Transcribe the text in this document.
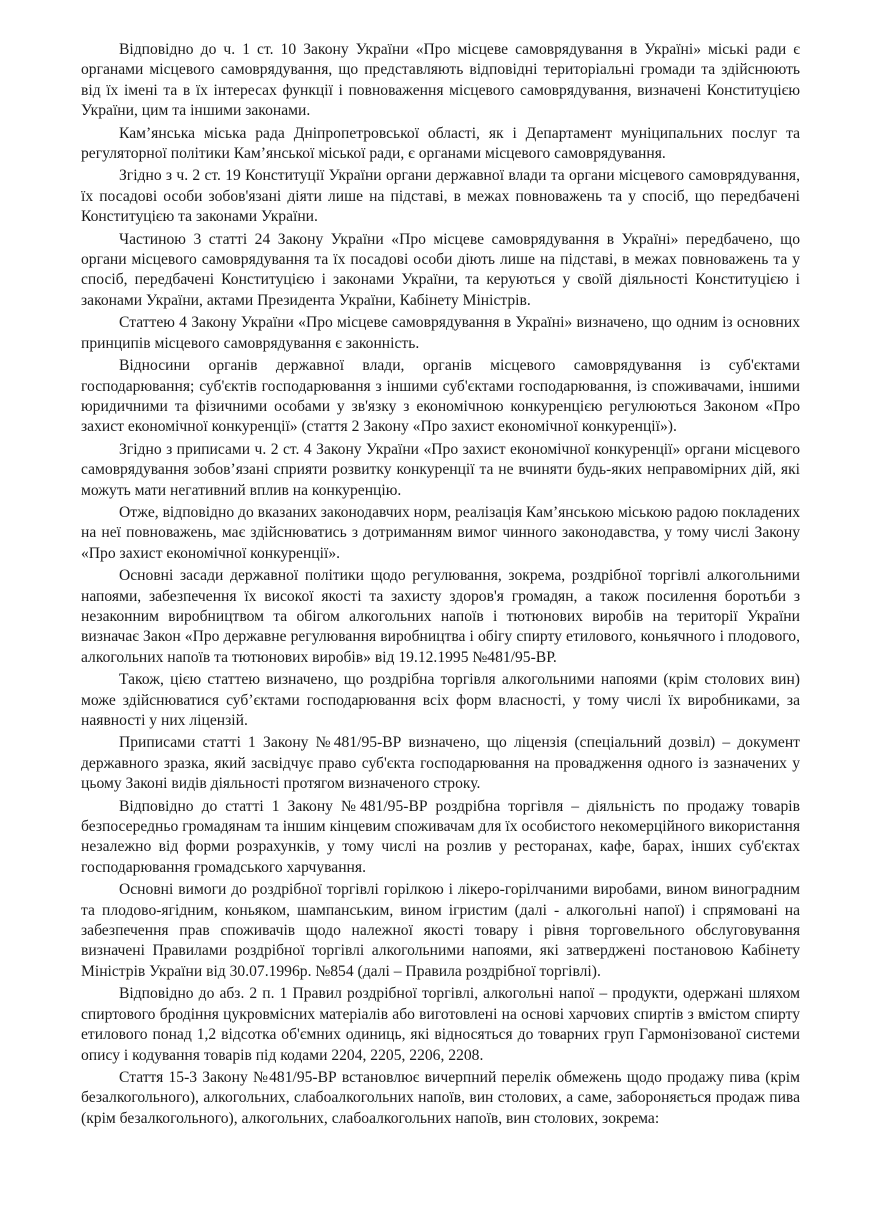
Відповідно до ч. 1 ст. 10 Закону України «Про місцеве самоврядування в Україні» міські ради є органами місцевого самоврядування, що представляють відповідні територіальні громади та здійснюють від їх імені та в їх інтересах функції і повноваження місцевого самоврядування, визначені Конституцією України, цим та іншими законами.

Кам’янська міська рада Дніпропетровської області, як і Департамент муніципальних послуг та регуляторної політики Кам’янської міської ради, є органами місцевого самоврядування.

Згідно з ч. 2 ст. 19 Конституції України органи державної влади та органи місцевого самоврядування, їх посадові особи зобов'язані діяти лише на підставі, в межах повноважень та у спосіб, що передбачені Конституцією та законами України.

Частиною 3 статті 24 Закону України «Про місцеве самоврядування в Україні» передбачено, що органи місцевого самоврядування та їх посадові особи діють лише на підставі, в межах повноважень та у спосіб, передбачені Конституцією і законами України, та керуються у своїй діяльності Конституцією і законами України, актами Президента України, Кабінету Міністрів.

Статтею 4 Закону України «Про місцеве самоврядування в Україні» визначено, що одним із основних принципів місцевого самоврядування є законність.

Відносини органів державної влади, органів місцевого самоврядування із суб'єктами господарювання; суб'єктів господарювання з іншими суб'єктами господарювання, із споживачами, іншими юридичними та фізичними особами у зв'язку з економічною конкуренцією регулюються Законом «Про захист економічної конкуренції» (стаття 2 Закону «Про захист економічної конкуренції»).

Згідно з приписами ч. 2 ст. 4 Закону України «Про захист економічної конкуренції» органи місцевого самоврядування зобов’язані сприяти розвитку конкуренції та не вчиняти будь-яких неправомірних дій, які можуть мати негативний вплив на конкуренцію.

Отже, відповідно до вказаних законодавчих норм, реалізація Кам’янською міською радою покладених на неї повноважень, має здійснюватись з дотриманням вимог чинного законодавства, у тому числі Закону «Про захист економічної конкуренції».

Основні засади державної політики щодо регулювання, зокрема, роздрібної торгівлі алкогольними напоями, забезпечення їх високої якості та захисту здоров'я громадян, а також посилення боротьби з незаконним виробництвом та обігом алкогольних напоїв і тютюнових виробів на території України визначає Закон «Про державне регулювання виробництва і обігу спирту етилового, коньячного і плодового, алкогольних напоїв та тютюнових виробів» від 19.12.1995 №481/95-ВР.

Також, цією статтею визначено, що роздрібна торгівля алкогольними напоями (крім столових вин) може здійснюватися суб’єктами господарювання всіх форм власності, у тому числі їх виробниками, за наявності у них ліцензій.

Приписами статті 1 Закону №481/95-ВР визначено, що ліцензія (спеціальний дозвіл) – документ державного зразка, який засвідчує право суб'єкта господарювання на провадження одного із зазначених у цьому Законі видів діяльності протягом визначеного строку.

Відповідно до статті 1 Закону №481/95-ВР роздрібна торгівля – діяльність по продажу товарів безпосередньо громадянам та іншим кінцевим споживачам для їх особистого некомерційного використання незалежно від форми розрахунків, у тому числі на розлив у ресторанах, кафе, барах, інших суб'єктах господарювання громадського харчування.

Основні вимоги до роздрібної торгівлі горілкою і лікеро-горілчаними виробами, вином виноградним та плодово-ягідним, коньяком, шампанським, вином ігристим (далі - алкогольні напої) і спрямовані на забезпечення прав споживачів щодо належної якості товару і рівня торговельного обслуговування визначені Правилами роздрібної торгівлі алкогольними напоями, які затверджені постановою Кабінету Міністрів України від 30.07.1996р. №854 (далі – Правила роздрібної торгівлі).

Відповідно до абз. 2 п. 1 Правил роздрібної торгівлі, алкогольні напої – продукти, одержані шляхом спиртового бродіння цукровмісних матеріалів або виготовлені на основі харчових спиртів з вмістом спирту етилового понад 1,2 відсотка об'ємних одиниць, які відносяться до товарних груп Гармонізованої системи опису і кодування товарів під кодами 2204, 2205, 2206, 2208.

Стаття 15-3 Закону №481/95-ВР встановлює вичерпний перелік обмежень щодо продажу пива (крім безалкогольного), алкогольних, слабоалкогольних напоїв, вин столових, а саме, забороняється продаж пива (крім безалкогольного), алкогольних, слабоалкогольних напоїв, вин столових, зокрема:
